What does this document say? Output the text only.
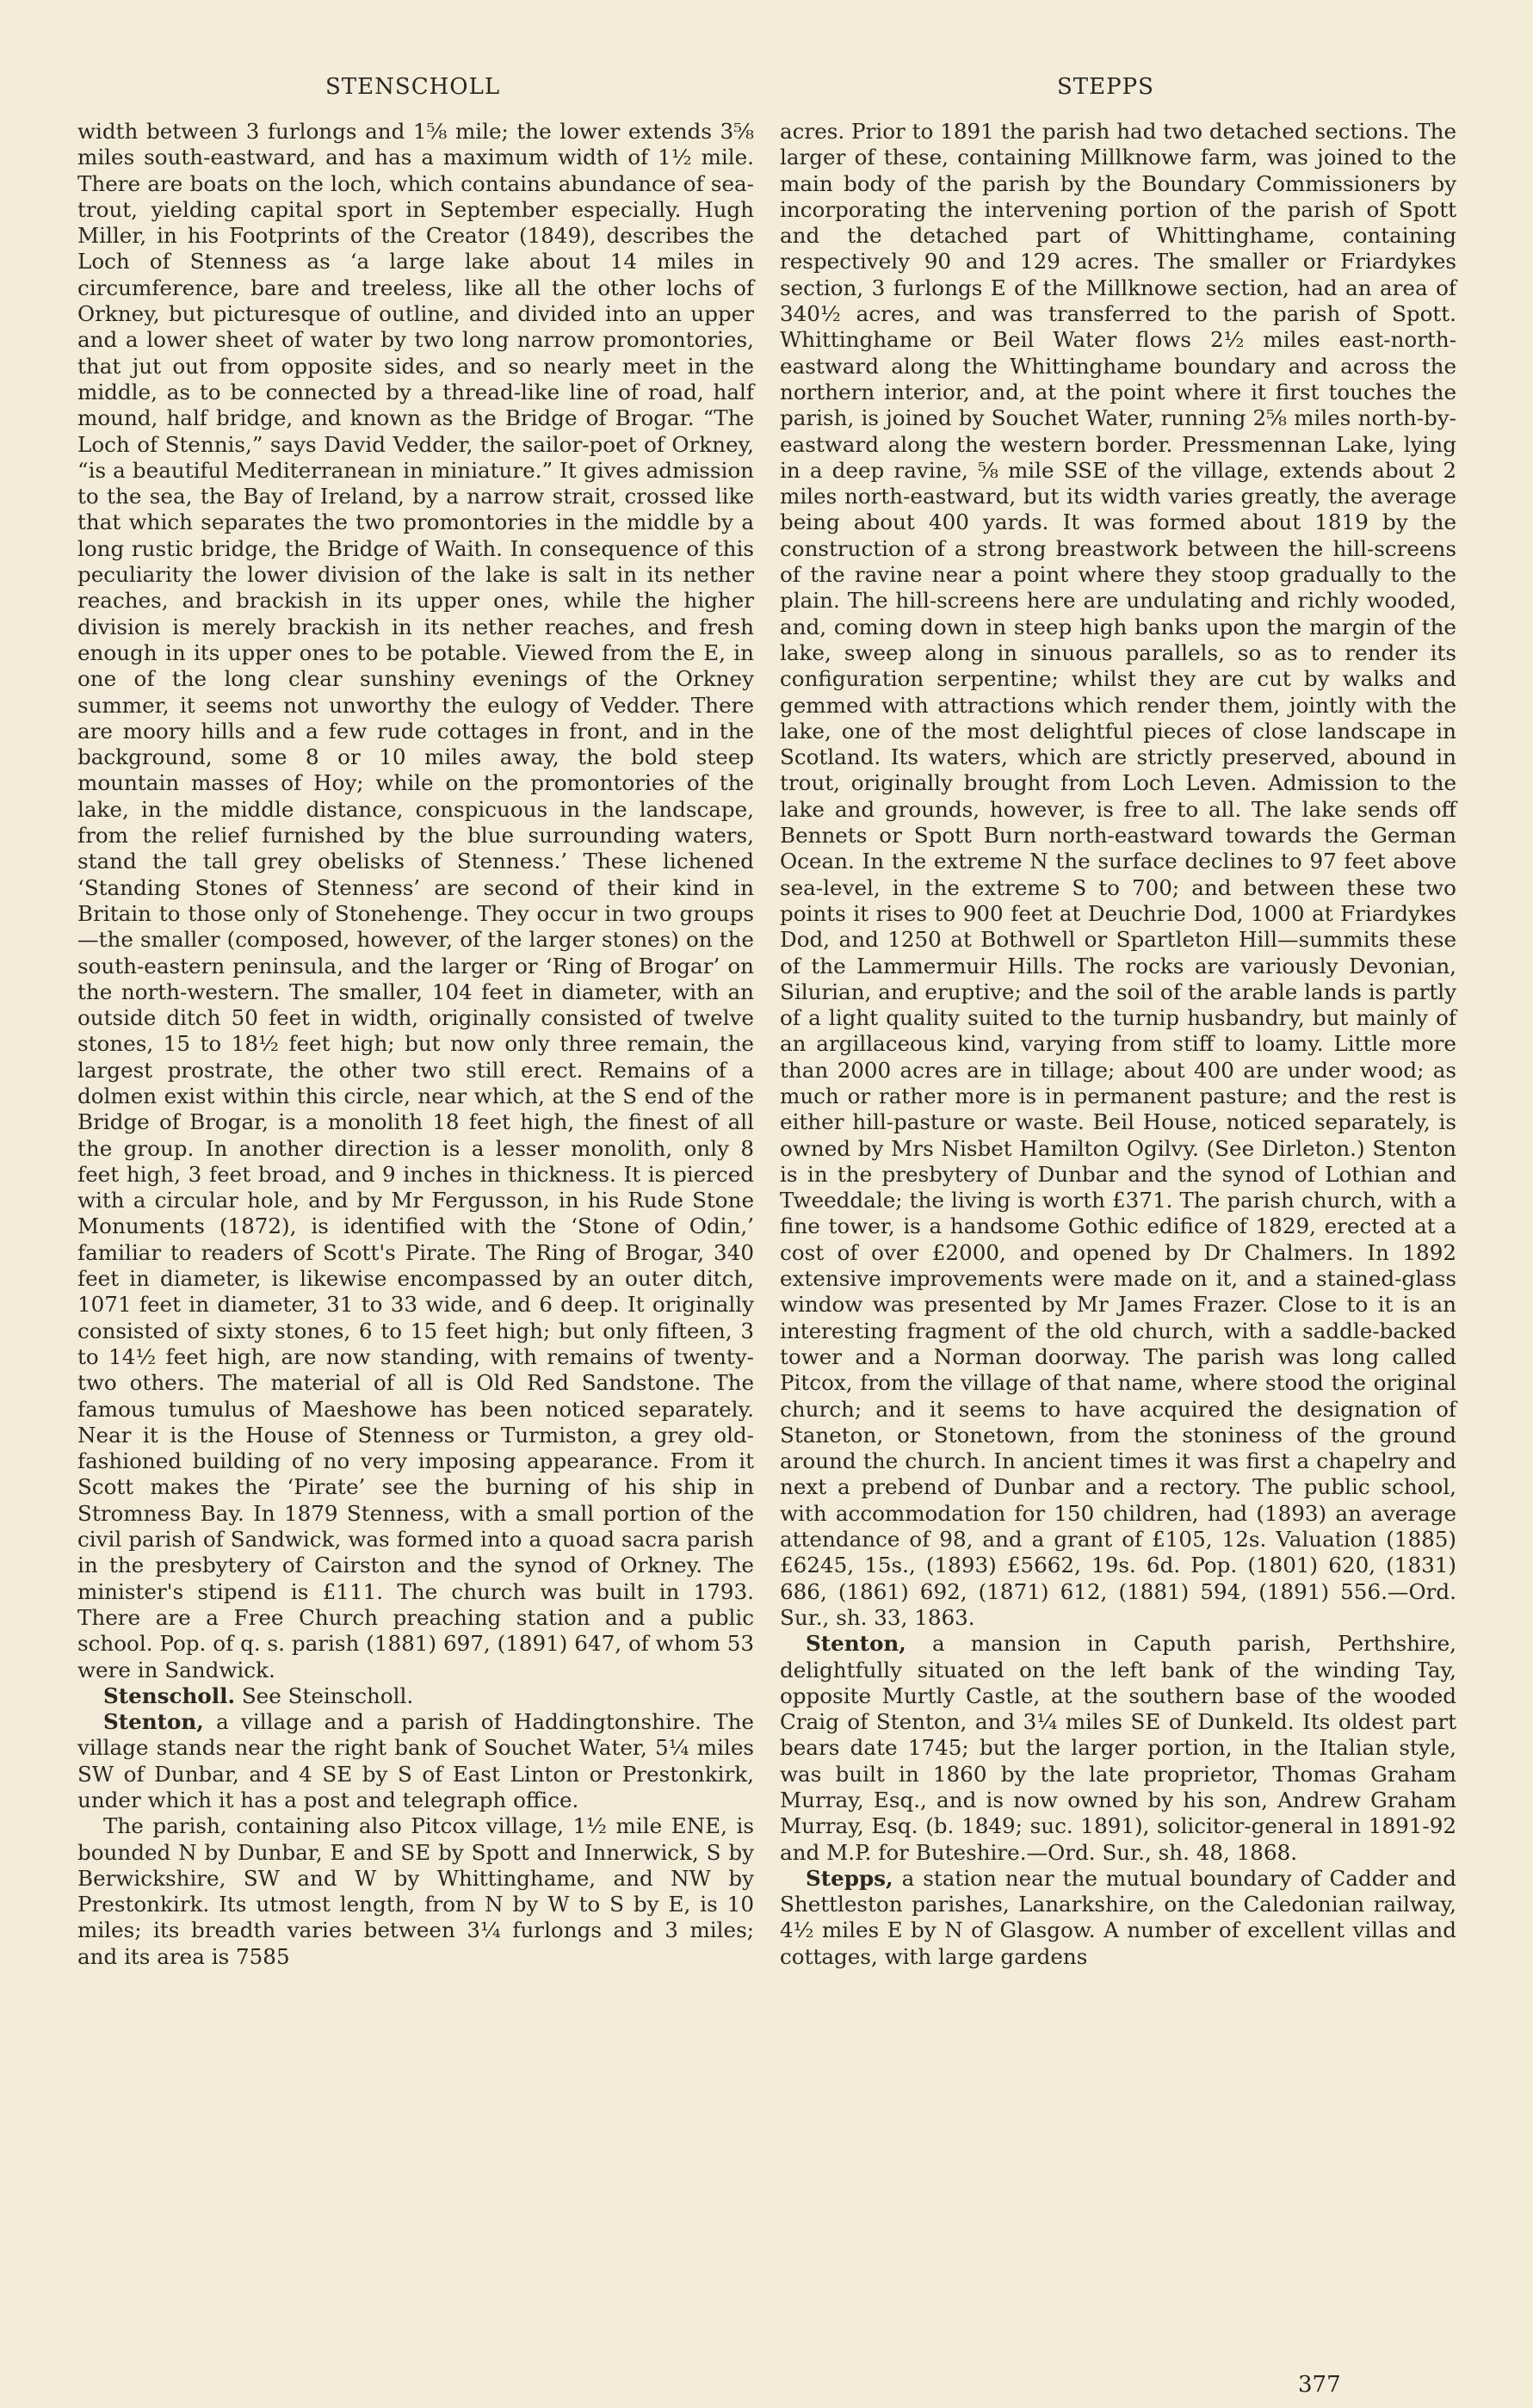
STENSCHOLL	STEPPS

width between 3 furlongs and 1⅝ mile; the lower extends 3⅝ miles south-eastward, and has a maximum width of 1½ mile. There are boats on the loch, which contains abundance of sea-trout, yielding capital sport in September especially. Hugh Miller, in his Footprints of the Creator (1849), describes the Loch of Stenness as ‘a large lake about 14 miles in circumference, bare and treeless, like all the other lochs of Orkney, but picturesque of outline, and divided into an upper and a lower sheet of water by two long narrow promontories, that jut out from opposite sides, and so nearly meet in the middle, as to be connected by a thread-like line of road, half mound, half bridge, and known as the Bridge of Brogar. “The Loch of Stennis,” says David Vedder, the sailor-poet of Orkney, “is a beautiful Mediterranean in miniature.” It gives admission to the sea, the Bay of Ireland, by a narrow strait, crossed like that which separates the two promontories in the middle by a long rustic bridge, the Bridge of Waith. In consequence of this peculiarity the lower division of the lake is salt in its nether reaches, and brackish in its upper ones, while the higher division is merely brackish in its nether reaches, and fresh enough in its upper ones to be potable. Viewed from the E, in one of the long clear sunshiny evenings of the Orkney summer, it seems not unworthy the eulogy of Vedder. There are moory hills and a few rude cottages in front, and in the background, some 8 or 10 miles away, the bold steep mountain masses of Hoy; while on the promontories of the lake, in the middle distance, conspicuous in the landscape, from the relief furnished by the blue surrounding waters, stand the tall grey obelisks of Stenness.’ These lichened ‘Standing Stones of Stenness’ are second of their kind in Britain to those only of Stonehenge. They occur in two groups—the smaller (composed, however, of the larger stones) on the south-eastern peninsula, and the larger or ‘Ring of Brogar’ on the north-western. The smaller, 104 feet in diameter, with an outside ditch 50 feet in width, originally consisted of twelve stones, 15 to 18½ feet high; but now only three remain, the largest prostrate, the other two still erect. Remains of a dolmen exist within this circle, near which, at the S end of the Bridge of Brogar, is a monolith 18 feet high, the finest of all the group. In another direction is a lesser monolith, only 8 feet high, 3 feet broad, and 9 inches in thickness. It is pierced with a circular hole, and by Mr Fergusson, in his Rude Stone Monuments (1872), is identified with the ‘Stone of Odin,’ familiar to readers of Scott's Pirate. The Ring of Brogar, 340 feet in diameter, is likewise encompassed by an outer ditch, 1071 feet in diameter, 31 to 33 wide, and 6 deep. It originally consisted of sixty stones, 6 to 15 feet high; but only fifteen, 3 to 14½ feet high, are now standing, with remains of twenty-two others. The material of all is Old Red Sandstone. The famous tumulus of Maeshowe has been noticed separately. Near it is the House of Stenness or Turmiston, a grey old-fashioned building of no very imposing appearance. From it Scott makes the ‘Pirate’ see the burning of his ship in Stromness Bay. In 1879 Stenness, with a small portion of the civil parish of Sandwick, was formed into a quoad sacra parish in the presbytery of Cairston and the synod of Orkney. The minister's stipend is £111. The church was built in 1793. There are a Free Church preaching station and a public school. Pop. of q. s. parish (1881) 697, (1891) 647, of whom 53 were in Sandwick.

Stenscholl. See Steinscholl.

Stenton, a village and a parish of Haddingtonshire. The village stands near the right bank of Souchet Water, 5¼ miles SW of Dunbar, and 4 SE by S of East Linton or Prestonkirk, under which it has a post and telegraph office.

The parish, containing also Pitcox village, 1½ mile ENE, is bounded N by Dunbar, E and SE by Spott and Innerwick, S by Berwickshire, SW and W by Whittinghame, and NW by Prestonkirk. Its utmost length, from N by W to S by E, is 10 miles; its breadth varies between 3¼ furlongs and 3 miles; and its area is 7585

acres. Prior to 1891 the parish had two detached sections. The larger of these, containing Millknowe farm, was joined to the main body of the parish by the Boundary Commissioners by incorporating the intervening portion of the parish of Spott and the detached part of Whittinghame, containing respectively 90 and 129 acres. The smaller or Friardykes section, 3 furlongs E of the Millknowe section, had an area of 340½ acres, and was transferred to the parish of Spott. Whittinghame or Beil Water flows 2½ miles east-north-eastward along the Whittinghame boundary and across the northern interior, and, at the point where it first touches the parish, is joined by Souchet Water, running 2⅝ miles north-by-eastward along the western border. Pressmennan Lake, lying in a deep ravine, ⅝ mile SSE of the village, extends about 2 miles north-eastward, but its width varies greatly, the average being about 400 yards. It was formed about 1819 by the construction of a strong breastwork between the hill-screens of the ravine near a point where they stoop gradually to the plain. The hill-screens here are undulating and richly wooded, and, coming down in steep high banks upon the margin of the lake, sweep along in sinuous parallels, so as to render its configuration serpentine; whilst they are cut by walks and gemmed with attractions which render them, jointly with the lake, one of the most delightful pieces of close landscape in Scotland. Its waters, which are strictly preserved, abound in trout, originally brought from Loch Leven. Admission to the lake and grounds, however, is free to all. The lake sends off Bennets or Spott Burn north-eastward towards the German Ocean. In the extreme N the surface declines to 97 feet above sea-level, in the extreme S to 700; and between these two points it rises to 900 feet at Deuchrie Dod, 1000 at Friardykes Dod, and 1250 at Bothwell or Spartleton Hill—summits these of the Lammermuir Hills. The rocks are variously Devonian, Silurian, and eruptive; and the soil of the arable lands is partly of a light quality suited to the turnip husbandry, but mainly of an argillaceous kind, varying from stiff to loamy. Little more than 2000 acres are in tillage; about 400 are under wood; as much or rather more is in permanent pasture; and the rest is either hill-pasture or waste. Beil House, noticed separately, is owned by Mrs Nisbet Hamilton Ogilvy. (See Dirleton.) Stenton is in the presbytery of Dunbar and the synod of Lothian and Tweeddale; the living is worth £371. The parish church, with a fine tower, is a handsome Gothic edifice of 1829, erected at a cost of over £2000, and opened by Dr Chalmers. In 1892 extensive improvements were made on it, and a stained-glass window was presented by Mr James Frazer. Close to it is an interesting fragment of the old church, with a saddle-backed tower and a Norman doorway. The parish was long called Pitcox, from the village of that name, where stood the original church; and it seems to have acquired the designation of Staneton, or Stonetown, from the stoniness of the ground around the church. In ancient times it was first a chapelry and next a prebend of Dunbar and a rectory. The public school, with accommodation for 150 children, had (1893) an average attendance of 98, and a grant of £105, 12s. Valuation (1885) £6245, 15s., (1893) £5662, 19s. 6d. Pop. (1801) 620, (1831) 686, (1861) 692, (1871) 612, (1881) 594, (1891) 556.—Ord. Sur., sh. 33, 1863.

Stenton, a mansion in Caputh parish, Perthshire, delightfully situated on the left bank of the winding Tay, opposite Murtly Castle, at the southern base of the wooded Craig of Stenton, and 3¼ miles SE of Dunkeld. Its oldest part bears date 1745; but the larger portion, in the Italian style, was built in 1860 by the late proprietor, Thomas Graham Murray, Esq., and is now owned by his son, Andrew Graham Murray, Esq. (b. 1849; suc. 1891), solicitor-general in 1891-92 and M.P. for Buteshire.—Ord. Sur., sh. 48, 1868.

Stepps, a station near the mutual boundary of Cadder and Shettleston parishes, Lanarkshire, on the Caledonian railway, 4½ miles E by N of Glasgow. A number of excellent villas and cottages, with large gardens

377
